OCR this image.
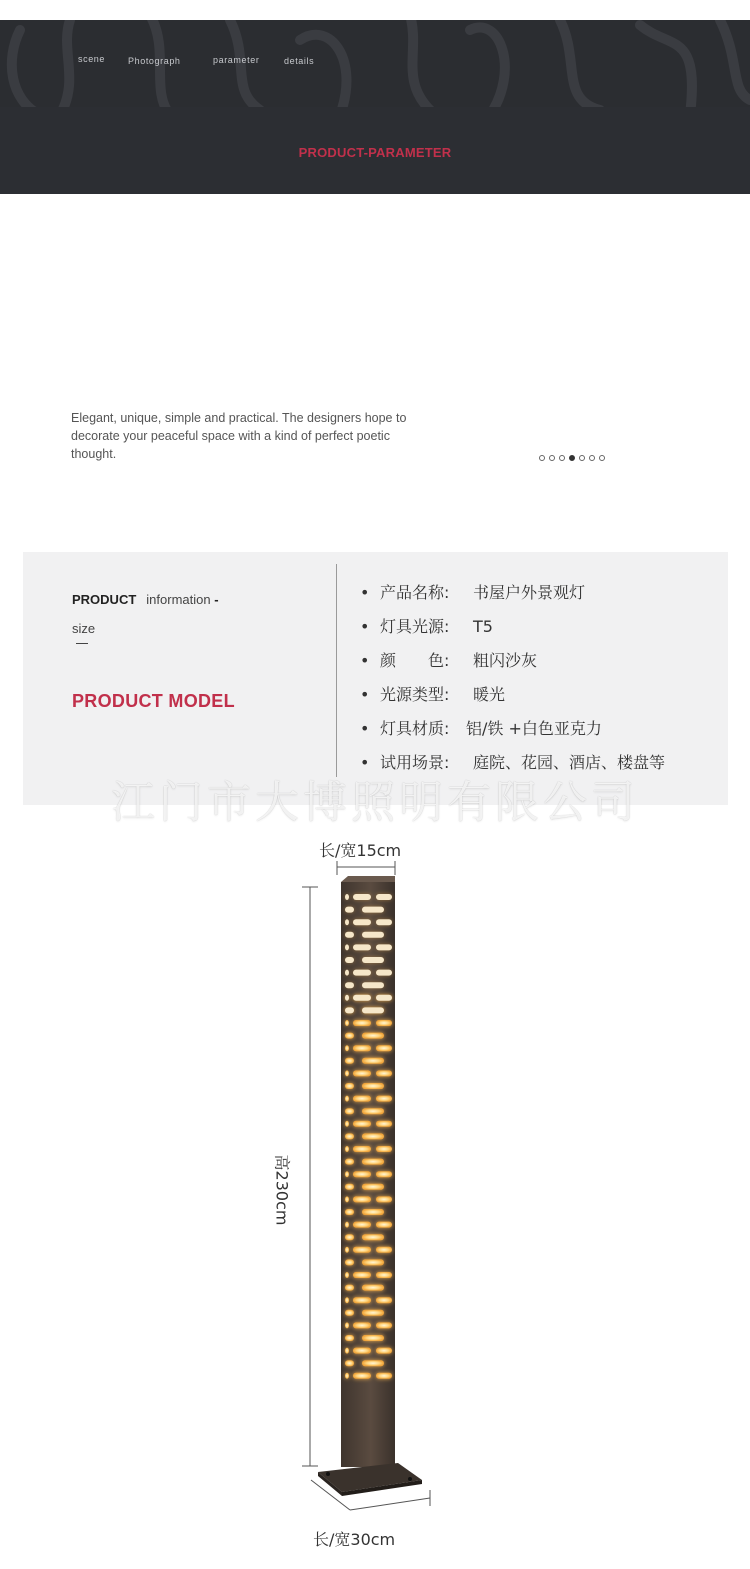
scene	Photograph	parameter	details
PRODUCT-PARAMETER
Elegant, unique, simple and practical. The designers hope to decorate your peaceful space with a kind of perfect poetic thought.
PRODUCT information -
size
PRODUCT MODEL
• 产品名称:	书屋户外景观灯
• 灯具光源:	T5
• 颜　　色:	粗闪沙灰
• 光源类型:	暖光
• 灯具材质:	铝/铁 +白色亚克力
• 试用场景:	庭院、花园、酒店、楼盘等
江门市大博照明有限公司
长/宽15cm
高230cm
长/宽30cm
